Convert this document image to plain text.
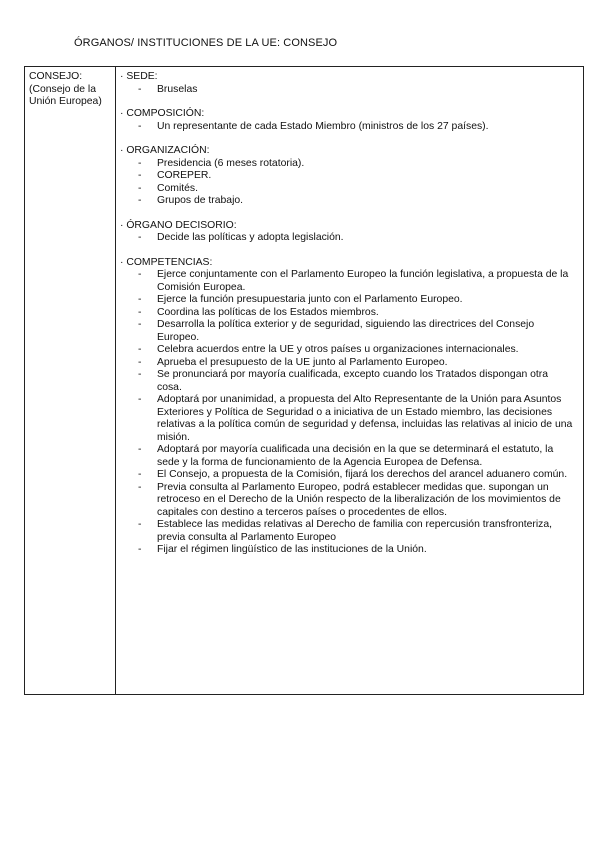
ÓRGANOS/ INSTITUCIONES DE LA UE: CONSEJO
CONSEJO:
(Consejo de la
Unión Europea)
· SEDE:
- Bruselas
· COMPOSICIÓN:
- Un representante de cada Estado Miembro (ministros de los 27 países).
· ORGANIZACIÓN:
- Presidencia (6 meses rotatoria).
- COREPER.
- Comités.
- Grupos de trabajo.
· ÓRGANO DECISORIO:
- Decide las políticas y adopta legislación.
· COMPETENCIAS:
- Ejerce conjuntamente con el Parlamento Europeo la función legislativa, a propuesta de la Comisión Europea.
- Ejerce la función presupuestaria junto con el Parlamento Europeo.
- Coordina las políticas de los Estados miembros.
- Desarrolla la política exterior y de seguridad, siguiendo las directrices del Consejo Europeo.
- Celebra acuerdos entre la UE y otros países u organizaciones internacionales.
- Aprueba el presupuesto de la UE junto al Parlamento Europeo.
- Se pronunciará por mayoría cualificada, excepto cuando los Tratados dispongan otra cosa.
- Adoptará por unanimidad, a propuesta del Alto Representante de la Unión para Asuntos Exteriores y Política de Seguridad o a iniciativa de un Estado miembro, las decisiones relativas a la política común de seguridad y defensa, incluidas las relativas al inicio de una misión.
- Adoptará por mayoría cualificada una decisión en la que se determinará el estatuto, la sede y la forma de funcionamiento de la Agencia Europea de Defensa.
- El Consejo, a propuesta de la Comisión, fijará los derechos del arancel aduanero común.
- Previa consulta al Parlamento Europeo, podrá establecer medidas que. supongan un retroceso en el Derecho de la Unión respecto de la liberalización de los movimientos de capitales con destino a terceros países o procedentes de ellos.
- Establece las medidas relativas al Derecho de familia con repercusión transfronteriza, previa consulta al Parlamento Europeo
- Fijar el régimen lingüístico de las instituciones de la Unión.
